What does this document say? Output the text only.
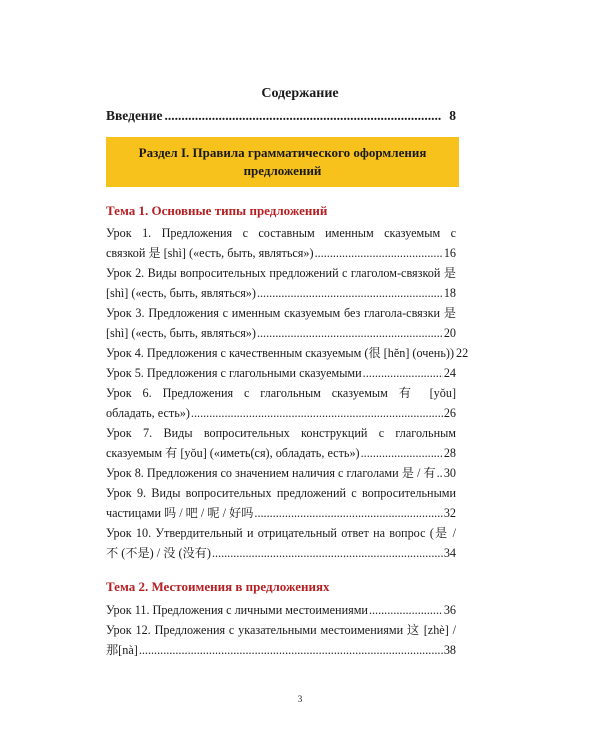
Содержание
Введение .....	8
Раздел I. Правила грамматического оформления
предложений
Тема 1. Основные типы предложений
Урок 1. Предложения с составным именным сказуемым с
связкой 是 [shì] («есть, быть, являться») .....	16
Урок 2. Виды вопросительных предложений с глаголом-связкой 是
[shì] («есть, быть, являться») .....	18
Урок 3. Предложения с именным сказуемым без глагола-связки 是
[shì] («есть, быть, являться») .....	20
Урок 4. Предложения с качественным сказуемым (很 [hěn] (очень)) 22
Урок 5. Предложения с глагольными сказуемыми .....	24
Урок 6. Предложения с глагольным сказуемым 有 [yǒu]
обладать, есть») .....	26
Урок 7. Виды вопросительных конструкций с глагольным
сказуемым 有 [yǒu] («иметь(ся), обладать, есть») .....	28
Урок 8. Предложения со значением наличия с глаголами 是 / 有 ..... 30
Урок 9. Виды вопросительных предложений с вопросительными
частицами 吗 / 吧 / 呢 / 好吗 .....	32
Урок 10. Утвердительный и отрицательный ответ на вопрос (是 /
不 (不是) / 没 (没有) .....	34
Тема 2. Местоимения в предложениях
Урок 11. Предложения с личными местоимениями .....	36
Урок 12. Предложения с указательными местоимениями 这 [zhè] /
那[nà] .....	38
3
